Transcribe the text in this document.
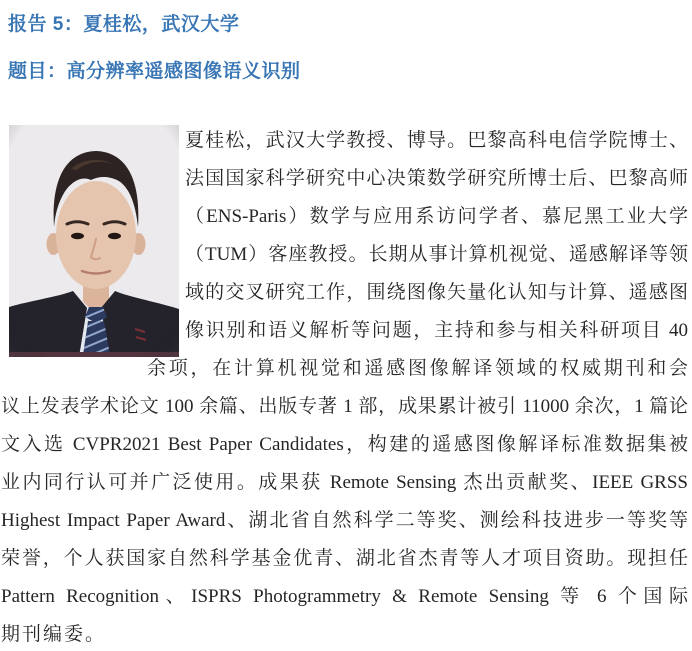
报告 5：夏桂松，武汉大学
题目：高分辨率遥感图像语义识别
夏桂松，武汉大学教授、博导。巴黎高科电信学院博士、
法国国家科学研究中心决策数学研究所博士后、巴黎高师
（ENS-Paris）数学与应用系访问学者、慕尼黑工业大学
（TUM）客座教授。长期从事计算机视觉、遥感解译等领
域的交叉研究工作，围绕图像矢量化认知与计算、遥感图
像识别和语义解析等问题，主持和参与相关科研项目 40
余项，在计算机视觉和遥感图像解译领域的权威期刊和会
议上发表学术论文 100 余篇、出版专著 1 部，成果累计被引 11000 余次，1 篇论
文入选 CVPR2021 Best Paper Candidates，构建的遥感图像解译标准数据集被
业内同行认可并广泛使用。成果获 Remote Sensing 杰出贡献奖、IEEE GRSS
Highest Impact Paper Award、湖北省自然科学二等奖、测绘科技进步一等奖等
荣誉，个人获国家自然科学基金优青、湖北省杰青等人才项目资助。现担任
Pattern Recognition、ISPRS Photogrammetry & Remote Sensing 等 6 个国际
期刊编委。
